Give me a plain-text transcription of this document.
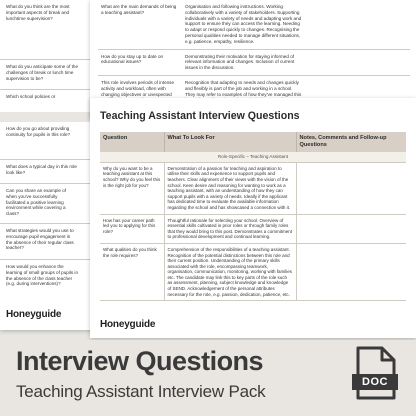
What do you think are the most important aspects of break and lunchtime supervision?
What do you anticipate some of the challenges of break or lunch time supervision to be?
Which school policies or
How do you go about providing continuity for pupils in this role?
What does a typical day in this role look like?
Can you share an example of when you've successfully facilitated a positive learning environment while covering a class?
What strategies would you use to encourage pupil engagement in the absence of their regular class teacher?
How would you enhance the learning of small groups of pupils in the absence of the class teacher (e.g. during interventions)?
Honeyguide
What are the main demands of being a teaching assistant?	Organisation and following instructions. Working collaboratively with a variety of stakeholders. Supporting individuals with a variety of needs and adapting work and support to ensure they can access the learning. Needing to adapt or respond quickly to changes. Recognising the personal qualities needed to manage different situations, e.g. patience, empathy, resilience.	
How do you stay up to date on educational issues?	Demonstrating their motivation for staying informed of relevant information and changes. Inclusion of current issues in the discussion.	
This role involves periods of intense activity and workload, often with changing objectives or unexpected	Recognition that adapting to needs and changes quickly and flexibly is part of the job and working in a school. They may refer to examples of how they've managed this	
Teaching Assistant Interview Questions
Question	What To Look For	Notes, Comments and Follow-up Questions
Role-Specific – Teaching Assistant		
Why do you want to be a teaching assistant at this school? Why do you feel this is the right job for you?	Demonstration of a passion for teaching and aspiration to utilise their skills and experience to support pupils and teachers. Clear alignment of their views with the vision of the school. Keen desire and reasoning for wanting to work as a teaching assistant, with an understanding of how they can support pupils with a variety of needs. Ideally if the applicant has dedicated time to evaluate the available information regarding the school and has showcased a connection with it.	
How has your career path led you to applying for this role?	Thoughtful rationale for selecting your school. Overview of essential skills cultivated in prior roles or through family roles that they would bring to this post. Demonstrates a commitment to professional development and continual learning.	
What qualities do you think the role requires?	Comprehension of the responsibilities of a teaching assistant. Recognition of the potential distinctions between this role and their current position. Understanding of the primary skills associated with the role, encompassing teamwork, organisation, communication, monitoring, working with families etc. The candidate may link this to key parts of the role such as assessment, planning, subject knowledge and knowledge of SEND. Acknowledgement of the personal attributes necessary for the role, e.g. passion, dedication, patience, etc.	
Honeyguide
Interview Questions
Teaching Assistant Interview Pack	DOC
